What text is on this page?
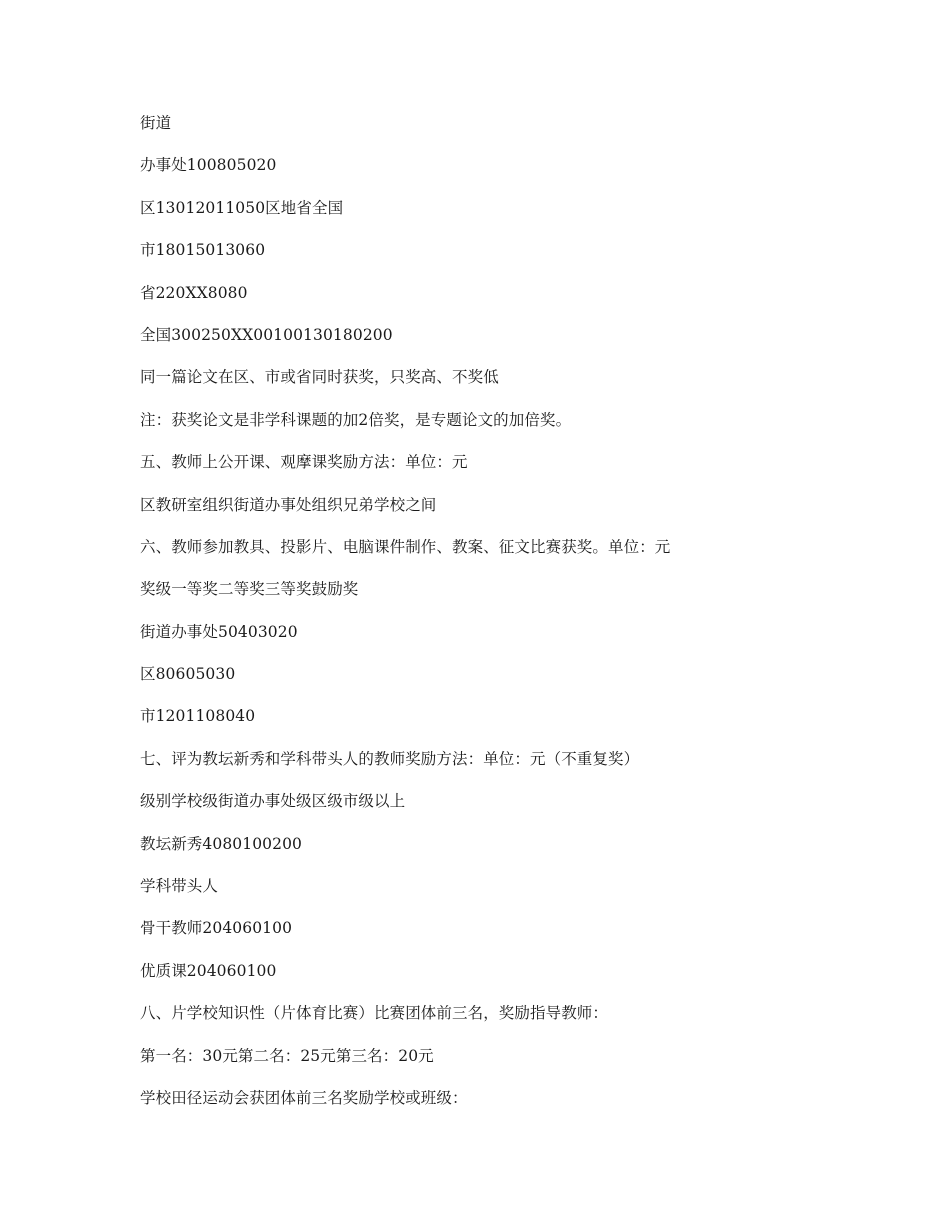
街道
办事处100805020
区13012011050区地省全国
市18015013060
省220XX8080
全国300250XX00100130180200
同一篇论文在区、市或省同时获奖，只奖高、不奖低
注：获奖论文是非学科课题的加2倍奖，是专题论文的加倍奖。
五、教师上公开课、观摩课奖励方法：单位：元
区教研室组织街道办事处组织兄弟学校之间
六、教师参加教具、投影片、电脑课件制作、教案、征文比赛获奖。单位：元
奖级一等奖二等奖三等奖鼓励奖
街道办事处50403020
区80605030
市1201108040
七、评为教坛新秀和学科带头人的教师奖励方法：单位：元（不重复奖）
级别学校级街道办事处级区级市级以上
教坛新秀4080100200
学科带头人
骨干教师204060100
优质课204060100
八、片学校知识性（片体育比赛）比赛团体前三名，奖励指导教师：
第一名：30元第二名：25元第三名：20元
学校田径运动会获团体前三名奖励学校或班级：
